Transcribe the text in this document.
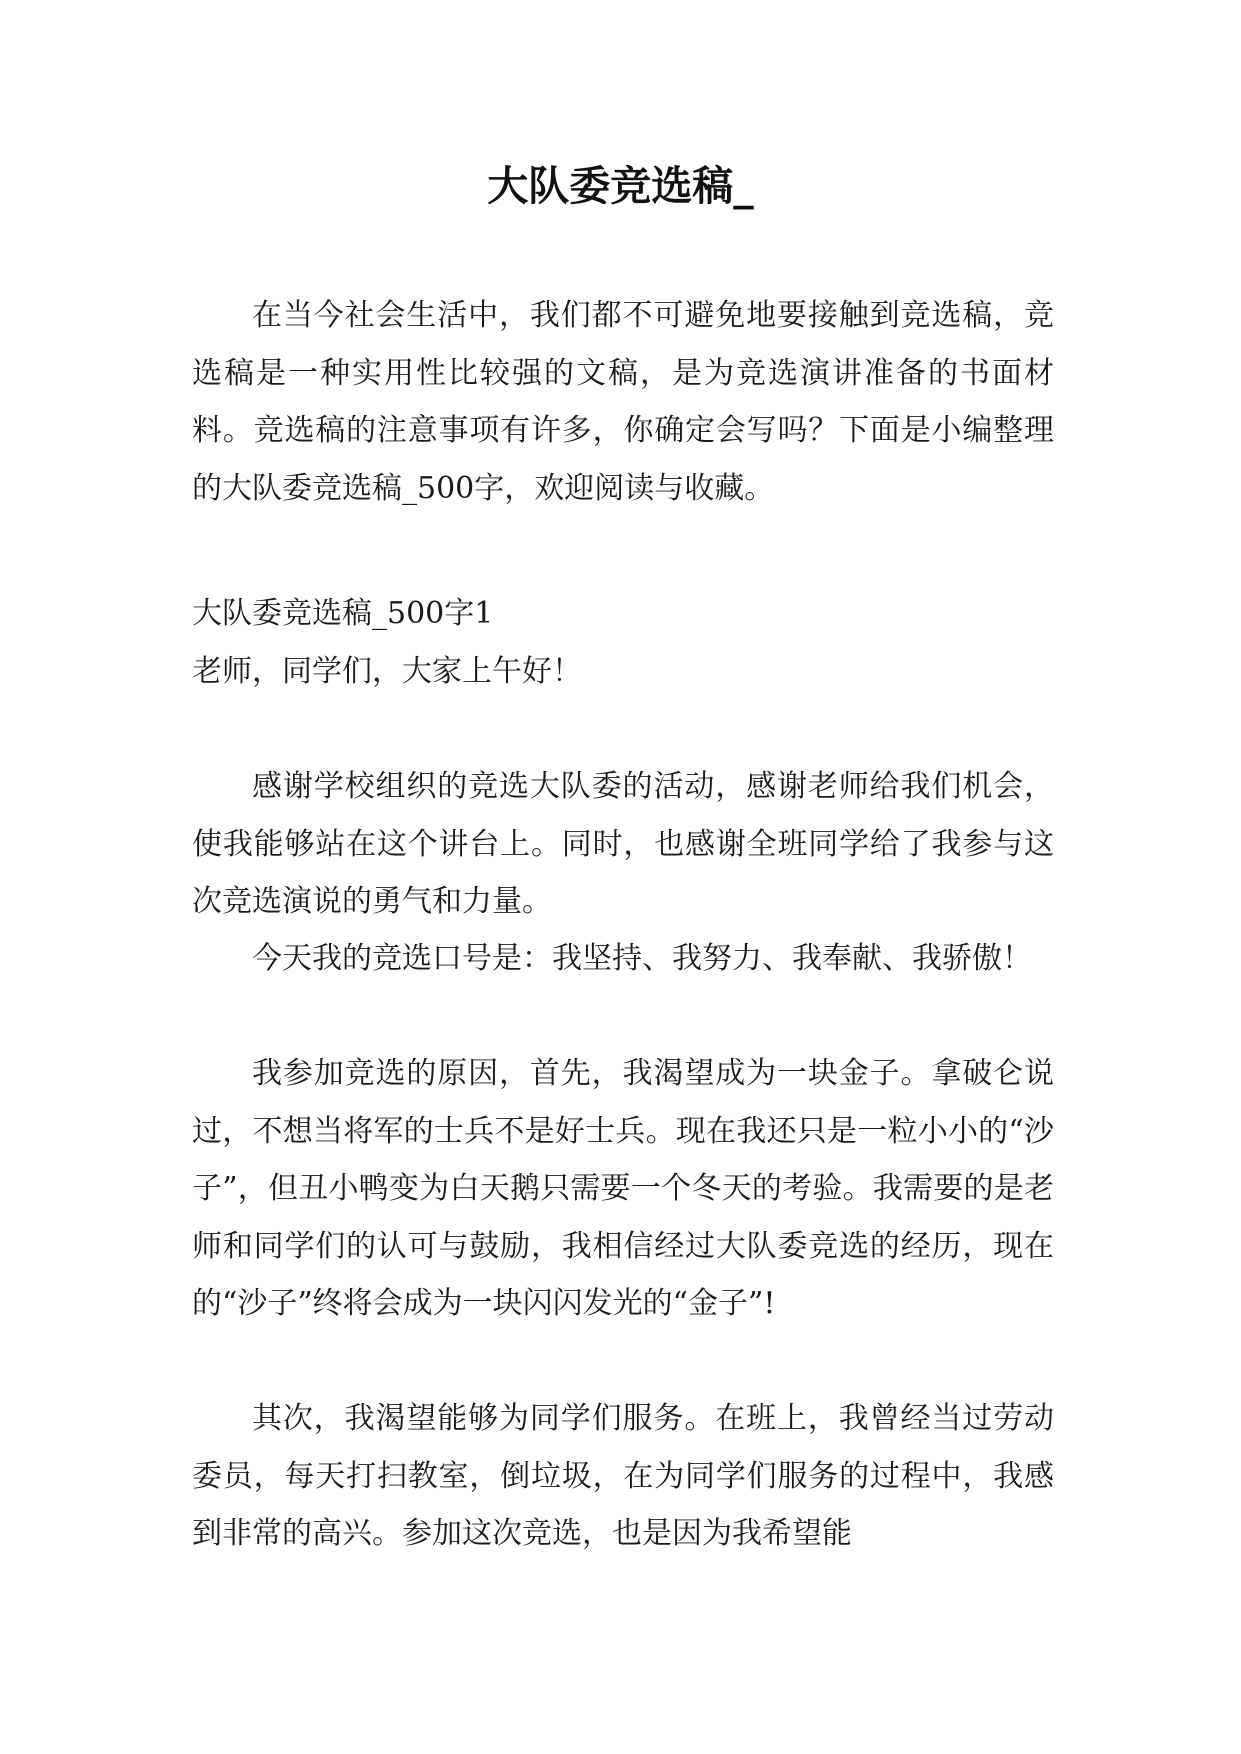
大队委竞选稿_

在当今社会生活中，我们都不可避免地要接触到竞选稿，竞选稿是一种实用性比较强的文稿，是为竞选演讲准备的书面材料。竞选稿的注意事项有许多，你确定会写吗？下面是小编整理的大队委竞选稿_500字，欢迎阅读与收藏。

大队委竞选稿_500字1

老师，同学们，大家上午好！

感谢学校组织的竞选大队委的活动，感谢老师给我们机会，使我能够站在这个讲台上。同时，也感谢全班同学给了我参与这次竞选演说的勇气和力量。

今天我的竞选口号是：我坚持、我努力、我奉献、我骄傲！

我参加竞选的原因，首先，我渴望成为一块金子。拿破仑说过，不想当将军的士兵不是好士兵。现在我还只是一粒小小的“沙子”，但丑小鸭变为白天鹅只需要一个冬天的考验。我需要的是老师和同学们的认可与鼓励，我相信经过大队委竞选的经历，现在的“沙子”终将会成为一块闪闪发光的“金子”!

其次，我渴望能够为同学们服务。在班上，我曾经当过劳动委员，每天打扫教室，倒垃圾，在为同学们服务的过程中，我感到非常的高兴。参加这次竞选，也是因为我希望能
